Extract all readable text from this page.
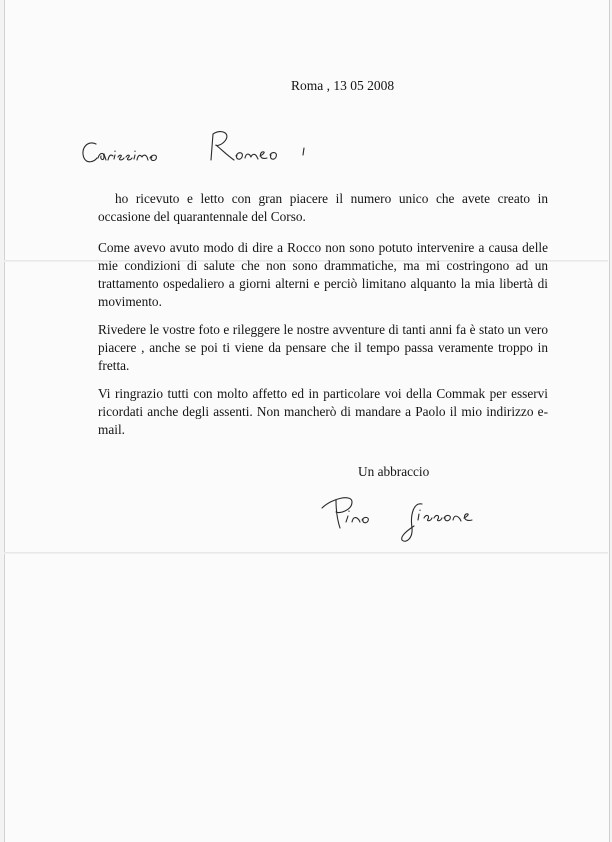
Roma , 13 05 2008

ho ricevuto e letto con gran piacere il numero unico che avete creato in occasione del quarantennale del Corso.

Come avevo avuto modo di dire a Rocco non sono potuto intervenire a causa delle mie condizioni di salute che non sono drammatiche, ma mi costringono ad un trattamento ospedaliero a giorni alterni e perciò limitano alquanto la mia libertà di movimento.

Rivedere le vostre foto e rileggere le nostre avventure di tanti anni fa è stato un vero piacere , anche se poi ti viene da pensare che il tempo passa veramente troppo in fretta.

Vi ringrazio tutti con molto affetto ed in particolare voi della Commak per esservi ricordati anche degli assenti. Non mancherò di mandare a Paolo il mio indirizzo e-mail.

Un abbraccio
